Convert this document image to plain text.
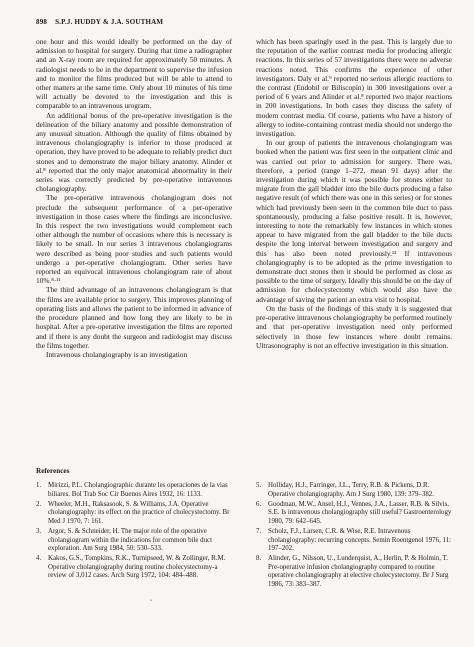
898 S.P.J. HUDDY & J.A. SOUTHAM

one hour and this would ideally be performed on the day of admission to hospital for surgery. During that time a radiographer and an X-ray room are required for approximately 50 minutes. A radiologist needs to be in the department to supervise the infusion and to monitor the films produced but will be able to attend to other matters at the same time. Only about 10 minutes of his time will actually be devoted to the investigation and this is comparable to an intravenous urogram.

An additional bonus of the pre-operative investigation is the delineation of the biliary anatomy and possible demonstration of any unusual situation. Although the quality of films obtained by intravenous cholangiography is inferior to those produced at operation, they have proved to be adequate to reliably predict duct stones and to demonstrate the major biliary anatomy. Alinder et al.⁸ reported that the only major anatomical abnormality in their series was correctly predicted by pre-operative intravenous cholangiography.

The pre-operative intravenous cholangiogram does not preclude the subsequent performance of a per-operative investigation in those cases where the findings are inconclusive. In this respect the two investigations would complement each other although the number of occasions where this is necessary is likely to be small. In our series 3 intravenous cholangiograms were described as being poor studies and such patients would undergo a per-operative cholangiogram. Other series have reported an equivocal intravenous cholangiogram rate of about 10%.⁸·¹¹

The third advantage of an intravenous cholangiogram is that the films are available prior to surgery. This improves planning of operating lists and allows the patient to be informed in advance of the procedure planned and how long they are likely to be in hospital. After a pre-operative investigation the films are reported and if there is any doubt the surgeon and radiologist may discuss the films together.

Intravenous cholangiography is an investigation

which has been sparingly used in the past. This is largely due to the reputation of the earlier contrast media for producing allergic reactions. In this series of 57 investigations there were no adverse reactions noted. This confirms the experience of other investigators. Daly et al.⁹ reported no serious allergic reactions to the contrast (Endobil or Biliscopin) in 300 investigations over a period of 6 years and Alinder et al.⁸ reported two major reactions in 200 investigations. In both cases they discuss the safety of modern contrast media. Of course, patients who have a history of allergy to iodine-containing contrast media should not undergo the investigation.

In our group of patients the intravenous cholangiogram was booked when the patient was first seen in the outpatient clinic and was carried out prior to admission for surgery. There was, therefore, a period (range 1–272, mean 91 days) after the investigation during which it was possible for stones either to migrate from the gall bladder into the bile ducts producing a false negative result (of which there was one in this series) or for stones which had previously been seen in the common bile duct to pass spontaneously, producing a false positive result. It is, however, interesting to note the remarkably few instances in which stones appear to have migrated from the gall bladder to the bile ducts despite the long interval between investigation and surgery and this has also been noted previously.¹² If intravenous cholangiography is to be adopted as the prime investigation to demonstrate duct stones then it should be performed as close as possible to the time of surgery. Ideally this should be on the day of admission for cholecystectomy which would also have the advantage of saving the patient an extra visit to hospital.

On the basis of the findings of this study it is suggested that pre-operative intravenous cholangiography be performed routinely and that per-operative investigation need only performed selectively in those few instances where doubt remains. Ultrasonography is not an effective investigation in this situation.

References
1. Mirizzi, P.L. Cholangiographic durante les operaciones de la vias biliares. Bol Trab Soc Cir Buenos Aires 1932, 16: 1133.
2. Wheeler, M.H., Raksasook, S. & Williams, J.A. Operative cholangiography: its effect on the practice of cholecystectomy. Br Med J 1970, 7: 161.
3. Argor, S. & Schneider, H. The major role of the operative cholangiogram within the indications for common bile duct exploration. Am Surg 1984, 50: 530–533.
4. Kakos, G.S., Tompkins, R.K., Turnipseed, W. & Zollinger, R.M. Operative cholangiography during routine cholecystectomy-a review of 3,012 cases. Arch Surg 1972, 104: 484–488.
5. Holliday, H.J., Farringer, J.L., Terry, R.B. & Pickens, D.R. Operative cholangiography. Am J Surg 1980, 139: 379–382.
6. Goodman, M.W., Ansel, H.J., Vennes, J.A., Lasser, R.B. & Silvis, S.E. Is intravenous cholangiography still useful? Gastroenterology 1980, 79: 642–645.
7. Scholz, F.J., Larsen, C.R. & Wise, R.E. Intravenous cholangiography: recurring concepts. Semin Roentgenol 1976, 11: 197–202.
8. Alinder, G., Nilsson, U., Lunderquist, A., Herlin, P. & Holmin, T. Pre-operative infusion cholangiography compared to routine operative cholangiography at elective cholecystectomy. Br J Surg 1986, 73: 383–387.
˘
